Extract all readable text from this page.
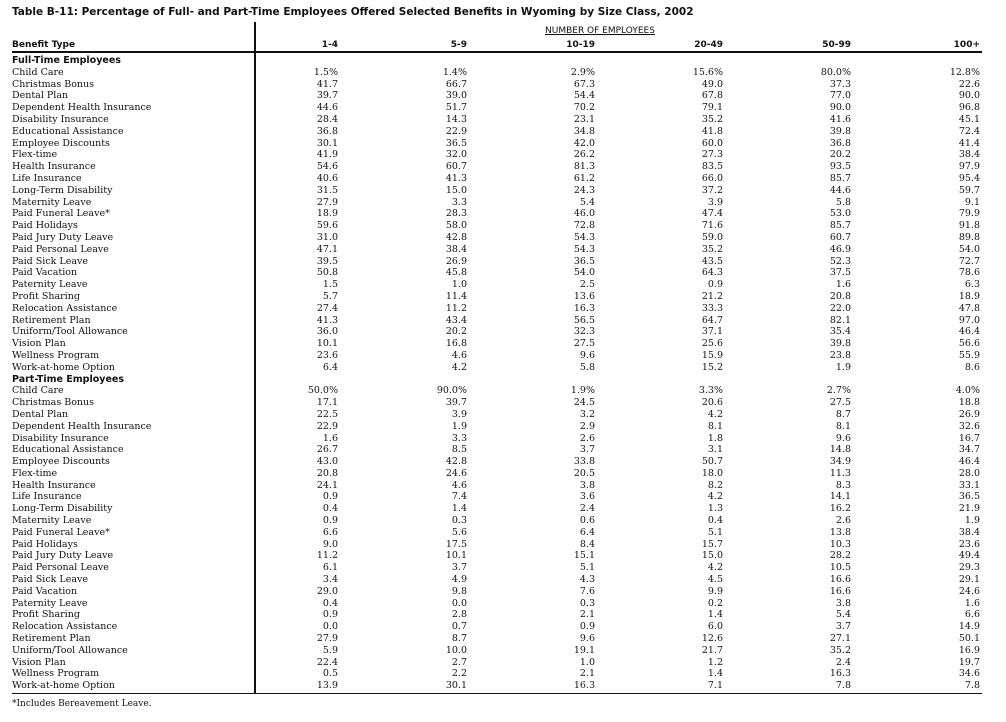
Table B-11: Percentage of Full- and Part-Time Employees Offered Selected Benefits in Wyoming by Size Class, 2002
NUMBER OF EMPLOYEES
Benefit Type	1-4	5-9	10-19	20-49	50-99	100+
Full-Time Employees						
Child Care	1.5%	1.4%	2.9%	15.6%	80.0%	12.8%
Christmas Bonus	41.7	66.7	67.3	49.0	37.3	22.6
Dental Plan	39.7	39.0	54.4	67.8	77.0	90.0
Dependent Health Insurance	44.6	51.7	70.2	79.1	90.0	96.8
Disability Insurance	28.4	14.3	23.1	35.2	41.6	45.1
Educational Assistance	36.8	22.9	34.8	41.8	39.8	72.4
Employee Discounts	30.1	36.5	42.0	60.0	36.8	41.4
Flex-time	41.9	32.0	26.2	27.3	20.2	38.4
Health Insurance	54.6	60.7	81.3	83.5	93.5	97.9
Life Insurance	40.6	41.3	61.2	66.0	85.7	95.4
Long-Term Disability	31.5	15.0	24.3	37.2	44.6	59.7
Maternity Leave	27.9	3.3	5.4	3.9	5.8	9.1
Paid Funeral Leave*	18.9	28.3	46.0	47.4	53.0	79.9
Paid Holidays	59.6	58.0	72.8	71.6	85.7	91.8
Paid Jury Duty Leave	31.0	42.8	54.3	59.0	60.7	89.8
Paid Personal Leave	47.1	38.4	54.3	35.2	46.9	54.0
Paid Sick Leave	39.5	26.9	36.5	43.5	52.3	72.7
Paid Vacation	50.8	45.8	54.0	64.3	37.5	78.6
Paternity Leave	1.5	1.0	2.5	0.9	1.6	6.3
Profit Sharing	5.7	11.4	13.6	21.2	20.8	18.9
Relocation Assistance	27.4	11.2	16.3	33.3	22.0	47.8
Retirement Plan	41.3	43.4	56.5	64.7	82.1	97.0
Uniform/Tool Allowance	36.0	20.2	32.3	37.1	35.4	46.4
Vision Plan	10.1	16.8	27.5	25.6	39.8	56.6
Wellness Program	23.6	4.6	9.6	15.9	23.8	55.9
Work-at-home Option	6.4	4.2	5.8	15.2	1.9	8.6
Part-Time Employees						
Child Care	50.0%	90.0%	1.9%	3.3%	2.7%	4.0%
Christmas Bonus	17.1	39.7	24.5	20.6	27.5	18.8
Dental Plan	22.5	3.9	3.2	4.2	8.7	26.9
Dependent Health Insurance	22.9	1.9	2.9	8.1	8.1	32.6
Disability Insurance	1.6	3.3	2.6	1.8	9.6	16.7
Educational Assistance	26.7	8.5	3.7	3.1	14.8	34.7
Employee Discounts	43.0	42.8	33.8	50.7	34.9	46.4
Flex-time	20.8	24.6	20.5	18.0	11.3	28.0
Health Insurance	24.1	4.6	3.8	8.2	8.3	33.1
Life Insurance	0.9	7.4	3.6	4.2	14.1	36.5
Long-Term Disability	0.4	1.4	2.4	1.3	16.2	21.9
Maternity Leave	0.9	0.3	0.6	0.4	2.6	1.9
Paid Funeral Leave*	6.6	5.6	6.4	5.1	13.8	38.4
Paid Holidays	9.0	17.5	8.4	15.7	10.3	23.6
Paid Jury Duty Leave	11.2	10.1	15.1	15.0	28.2	49.4
Paid Personal Leave	6.1	3.7	5.1	4.2	10.5	29.3
Paid Sick Leave	3.4	4.9	4.3	4.5	16.6	29.1
Paid Vacation	29.0	9.8	7.6	9.9	16.6	24.6
Paternity Leave	0.4	0.0	0.3	0.2	3.8	1.6
Profit Sharing	0.9	2.8	2.1	1.4	5.4	6.6
Relocation Assistance	0.0	0.7	0.9	6.0	3.7	14.9
Retirement Plan	27.9	8.7	9.6	12.6	27.1	50.1
Uniform/Tool Allowance	5.9	10.0	19.1	21.7	35.2	16.9
Vision Plan	22.4	2.7	1.0	1.2	2.4	19.7
Wellness Program	0.5	2.2	2.1	1.4	16.3	34.6
Work-at-home Option	13.9	30.1	16.3	7.1	7.8	7.8
*Includes Bereavement Leave.
